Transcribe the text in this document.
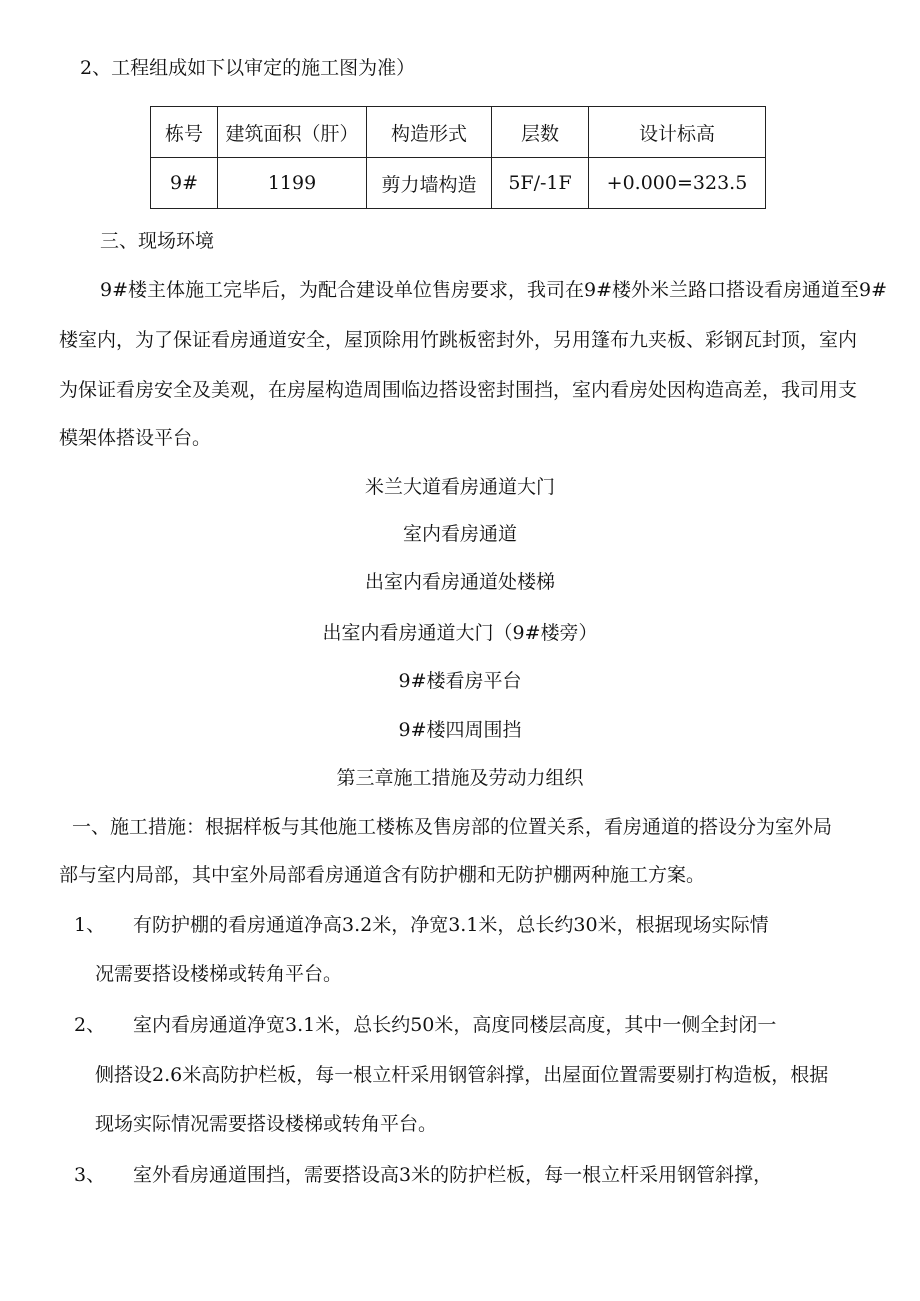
2、工程组成如下以审定的施工图为准）
栋号	建筑面积（肝）	构造形式	层数	设计标高
9#	1199	剪力墙构造	5F/-1F	+0.000=323.5
三、现场环境
9#楼主体施工完毕后，为配合建设单位售房要求，我司在9#楼外米兰路口搭设看房通道至9#
楼室内，为了保证看房通道安全，屋顶除用竹跳板密封外，另用篷布九夹板、彩钢瓦封顶，室内
为保证看房安全及美观，在房屋构造周围临边搭设密封围挡，室内看房处因构造高差，我司用支
模架体搭设平台。
米兰大道看房通道大门
室内看房通道
出室内看房通道处楼梯
出室内看房通道大门（9#楼旁）
9#楼看房平台
9#楼四周围挡
第三章施工措施及劳动力组织
一、施工措施：根据样板与其他施工楼栋及售房部的位置关系，看房通道的搭设分为室外局
部与室内局部，其中室外局部看房通道含有防护棚和无防护棚两种施工方案。
1、 有防护棚的看房通道净高3.2米，净宽3.1米，总长约30米，根据现场实际情
况需要搭设楼梯或转角平台。
2、 室内看房通道净宽3.1米，总长约50米，高度同楼层高度，其中一侧全封闭一
侧搭设2.6米高防护栏板，每一根立杆采用钢管斜撑，出屋面位置需要剔打构造板，根据
现场实际情况需要搭设楼梯或转角平台。
3、 室外看房通道围挡，需要搭设高3米的防护栏板，每一根立杆采用钢管斜撑，
